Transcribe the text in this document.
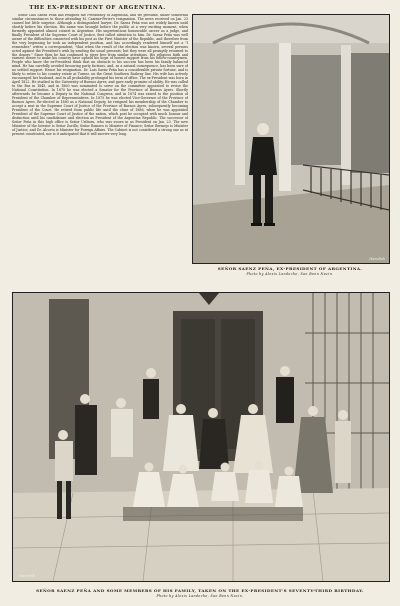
THE EX-PRESIDENT OF ARGENTINA.

Señor Luis Saenz Peña has resigned the Presidency of Argentina, and we presume, under somewhat similar circumstances to those attending M. Casimir-Perier's resignation. The news received on Jan. 23 caused but little surprise. Although a distinguished lawyer, Dr. Saenz Peña was not widely known until shortly before his election. His name was brought before the public at a very exciting moment, when formerly appointed almost coinert in Argentine. His unpretentious honourable career as a judge, and finally President of the Supreme Court of Justice, first called attention to him. Dr. Saenz Peña was well aware of the difficulties connected with his post as the First Minister of the Republic, and therefore from the very beginning he took an independent position, and has accordingly rendered himself not a "I remember," writes a correspondent, "that when the result of the election was known, several persons acted against the President's wish by sending the usual presents; but they were all promptly returned to the donors." Since then he has continued to steer free from similar attentions. His religious faith and earnest desire to make his country have upheld his hope of honest support from his fellow-countrymen. People who know the ex-President think that an obstacle to his success has been his family balanced mind. He has carefully avoided favouring party factions, and, as a natural consequence, has been sure of no settled support. Hence his resignation. Dr. Luis Saenz Peña has a considerable private fortune, and is likely to retire to his country estate at Tornez, on the Great Southern Railway line. His wife has actively encouraged her husband, and in all probability prolonged his term of office. The ex-President was born in April 1822. He studied in the University of Buenos Ayres, and gave early promise of ability. He was called to the Bar in 1845, and in 1860 was nominated to serve on the committee appointed to revise the National Constitution. In 1870 he was elected a Senator for the Province of Buenos Ayres. Shortly afterwards he became a Deputy in the National Congress, and in 1874 was raised to the position of President of the Chamber of Representatives. In 1875 he was elected Vice-Governor of the Province of Buenos Ayres. Re-elected in 1880 as a National Deputy, he resigned his membership of the Chamber to accept a seat in the Supreme Court of Justice of the Province of Buenos Ayres, subsequently becoming President of the Court. He retired from public life until the close of 1886, when he was appointed President of the Supreme Court of Justice of the nation, which post he occupied with much honour and distinction until his candidature and election as President of the Argentine Republic. The successor of Señor Peña in this high office is Señor Uriburu, who was sworn in as President on Jan. 23. The new Minister of the Interior is Señor Zorilla; Señor Romero is Minister of Finance; Señor Bermejo is Minister of Justice; and Dr. Alcorta is Minister for Foreign Affairs. The Cabinet is not considered a strong one as at present constituted, nor is it anticipated that it will survive very long.

Hamdish
SEÑOR SAENZ PEÑA, EX-PRESIDENT OF ARGENTINA.
Photo by Alexis Landeche, San Benn Nacin.
Hamdish
SEÑOR SAENZ PEÑA AND SOME MEMBERS OF HIS FAMILY, TAKEN ON THE EX-PRESIDENT'S SEVENTY-THIRD BIRTHDAY.
Photo by Alexis Landeche, San Benn Nacin.
